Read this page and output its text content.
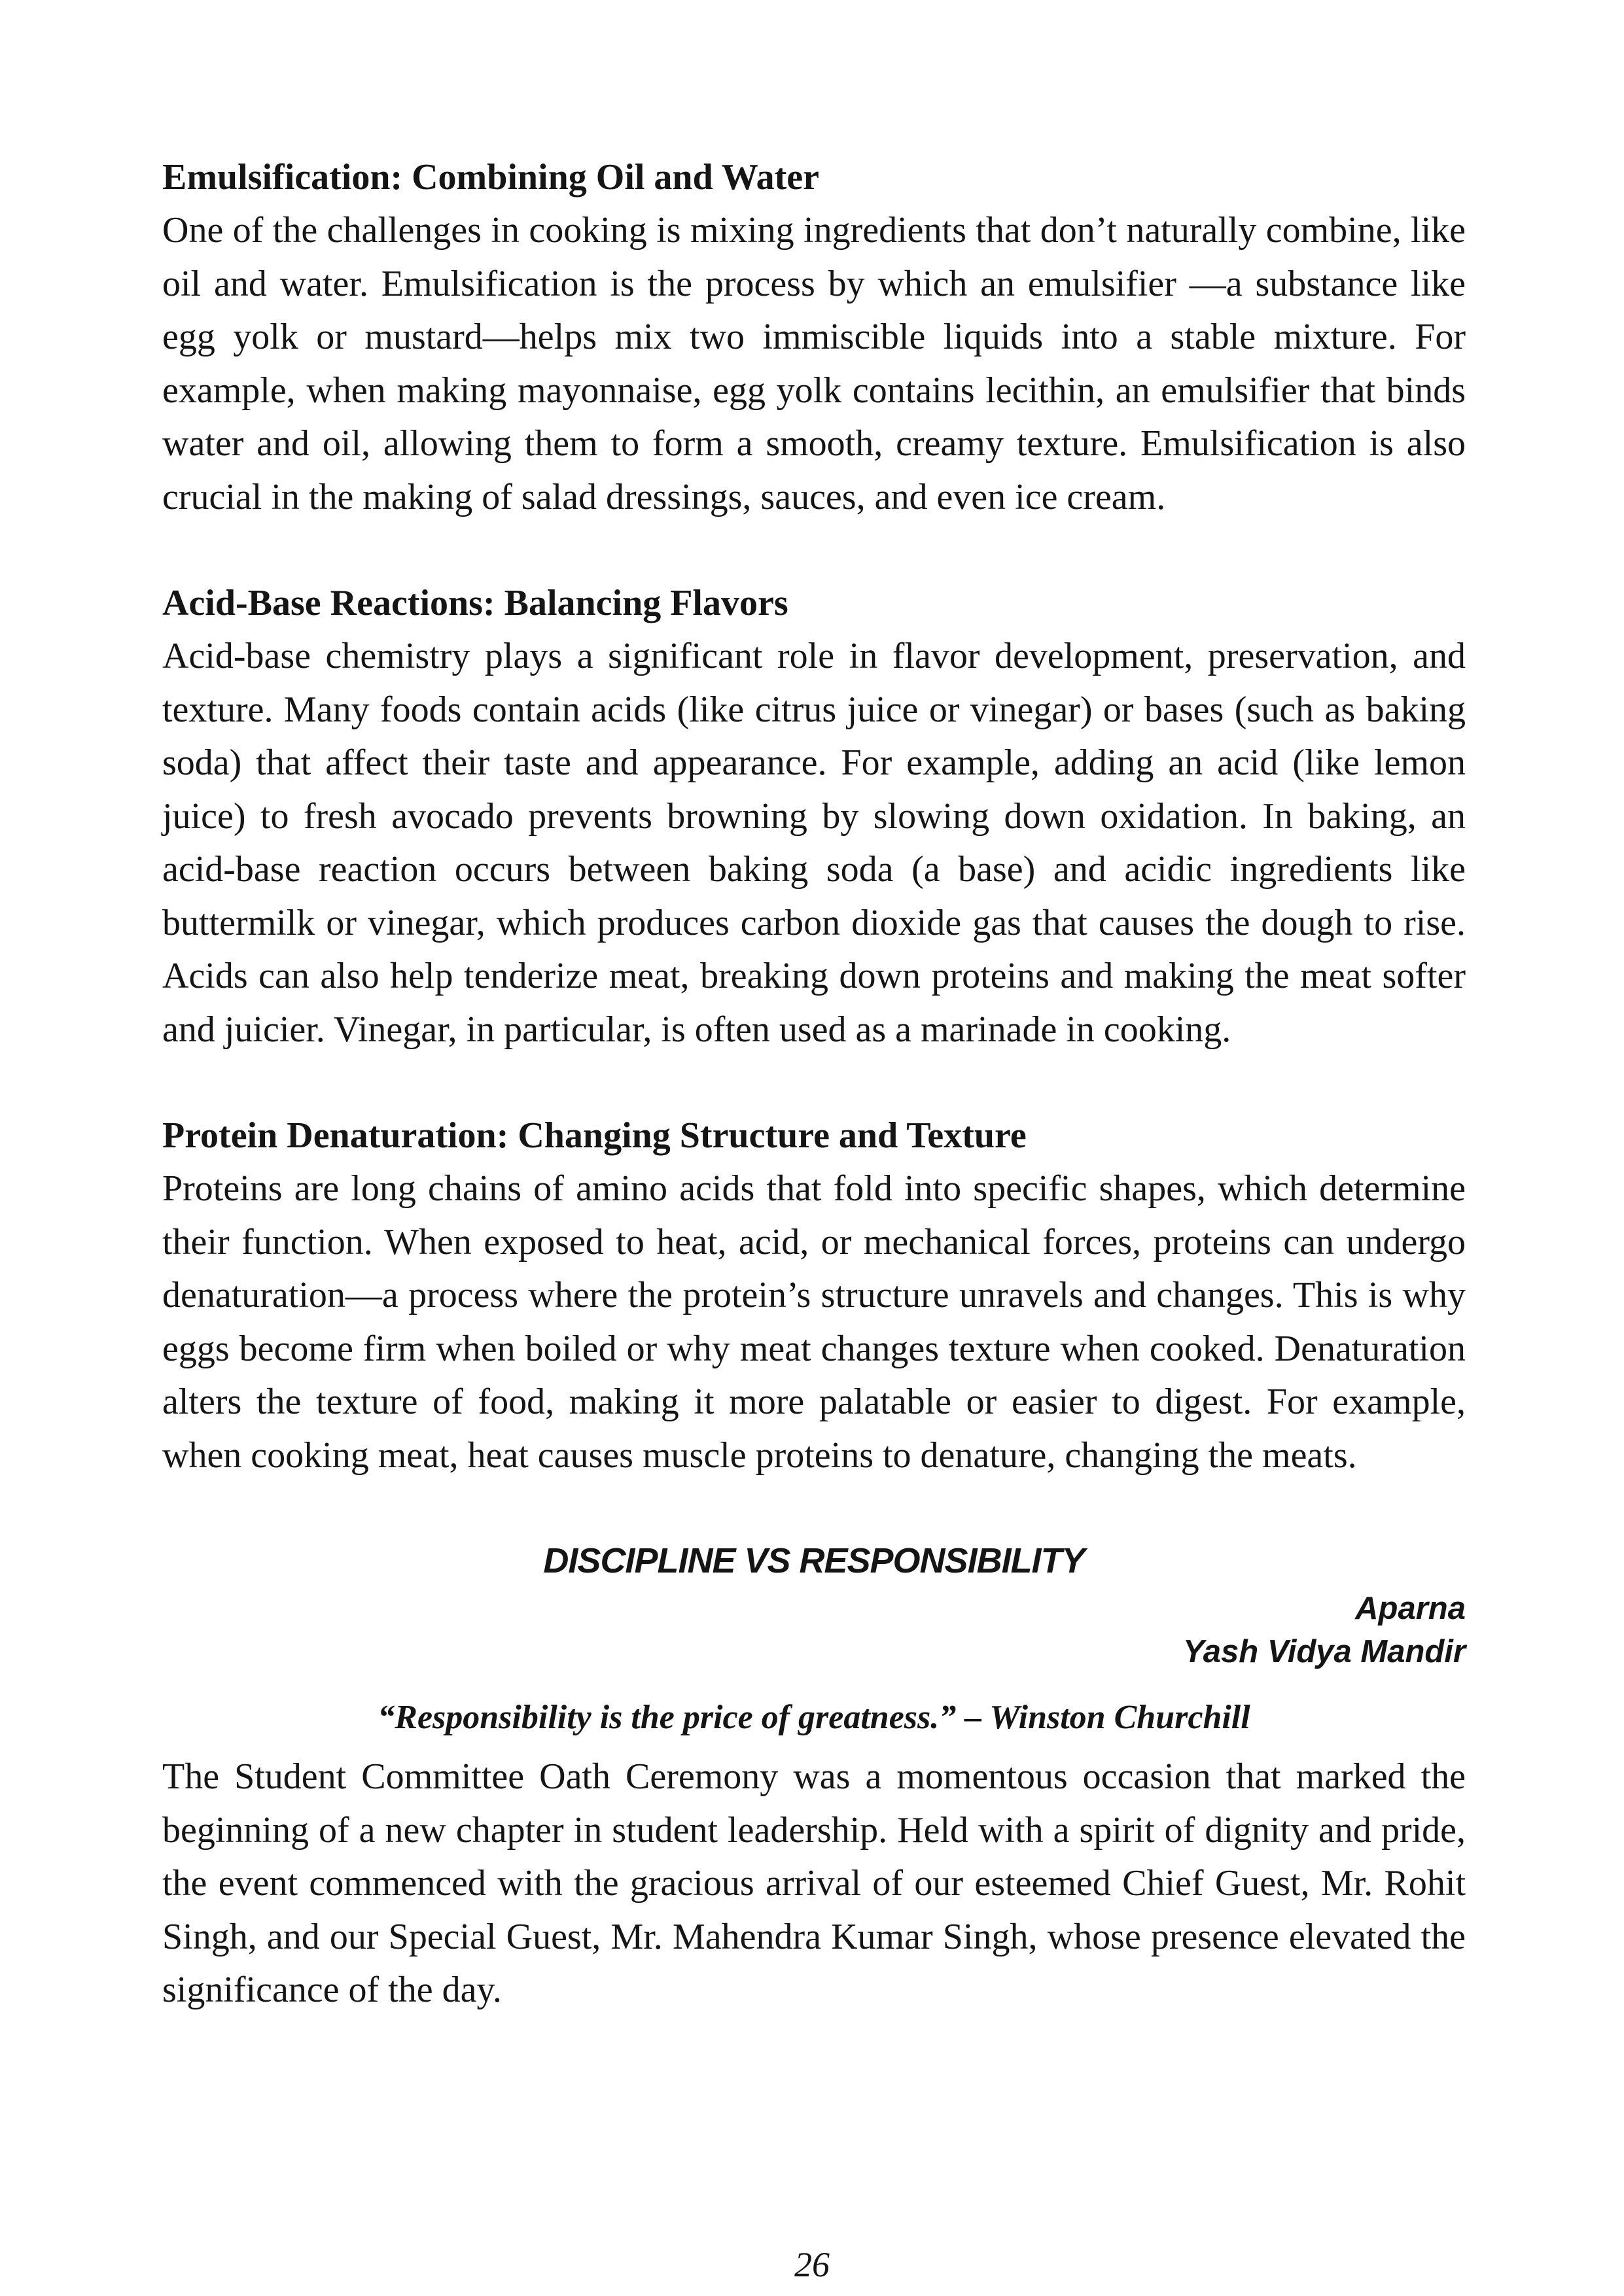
Emulsification: Combining Oil and Water

One of the challenges in cooking is mixing ingredients that don’t naturally combine, like oil and water. Emulsification is the process by which an emulsifier —a substance like egg yolk or mustard—helps mix two immiscible liquids into a stable mixture. For example, when making mayonnaise, egg yolk contains lecithin, an emulsifier that binds water and oil, allowing them to form a smooth, creamy texture. Emulsification is also crucial in the making of salad dressings, sauces, and even ice cream.

Acid-Base Reactions: Balancing Flavors

Acid-base chemistry plays a significant role in flavor development, preservation, and texture. Many foods contain acids (like citrus juice or vinegar) or bases (such as baking soda) that affect their taste and appearance. For example, adding an acid (like lemon juice) to fresh avocado prevents browning by slowing down oxidation. In baking, an acid-base reaction occurs between baking soda (a base) and acidic ingredients like buttermilk or vinegar, which produces carbon dioxide gas that causes the dough to rise. Acids can also help tenderize meat, breaking down proteins and making the meat softer and juicier. Vinegar, in particular, is often used as a marinade in cooking.

Protein Denaturation: Changing Structure and Texture

Proteins are long chains of amino acids that fold into specific shapes, which determine their function. When exposed to heat, acid, or mechanical forces, proteins can undergo denaturation—a process where the protein’s structure unravels and changes. This is why eggs become firm when boiled or why meat changes texture when cooked. Denaturation alters the texture of food, making it more palatable or easier to digest. For example, when cooking meat, heat causes muscle proteins to denature, changing the meats.

DISCIPLINE VS RESPONSIBILITY

Aparna

Yash Vidya Mandir

“Responsibility is the price of greatness.” – Winston Churchill

The Student Committee Oath Ceremony was a momentous occasion that marked the beginning of a new chapter in student leadership. Held with a spirit of dignity and pride, the event commenced with the gracious arrival of our esteemed Chief Guest, Mr. Rohit Singh, and our Special Guest, Mr. Mahendra Kumar Singh, whose presence elevated the significance of the day.

26
